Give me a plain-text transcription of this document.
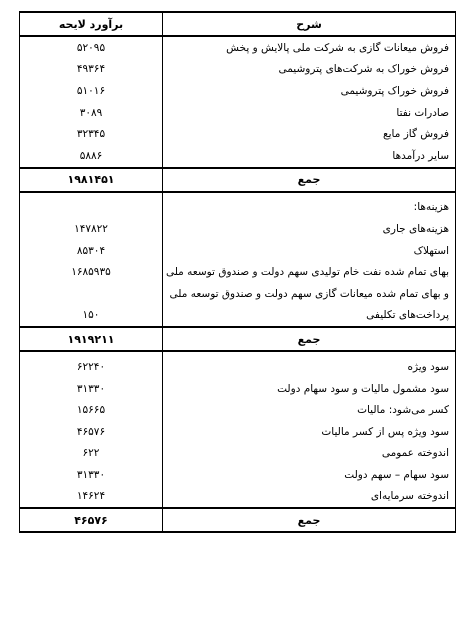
شرح	برآورد لایحه
فروش میعانات گازی به شرکت ملی پالایش و پخش	۵۲۰۹۵
فروش خوراک به شرکت‌های پتروشیمی	۴۹۳۶۴
فروش خوراک پتروشیمی	۵۱۰۱۶
صادرات نفتا	۳۰۸۹
فروش گاز مایع	۳۲۳۴۵
سایر درآمدها	۵۸۸۶
جمع	۱۹۸۱۴۵۱

هزینه‌ها:	
هزینه‌های جاری	۱۴۷۸۲۲
استهلاک	۸۵۳۰۴
بهای تمام شده نفت خام تولیدی سهم دولت و صندوق توسعه ملی	۱۶۸۵۹۳۵
و بهای تمام شده میعانات گازی سهم دولت و صندوق توسعه ملی	
پرداخت‌های تکلیفی	۱۵۰
جمع	۱۹۱۹۲۱۱

سود ویژه	۶۲۲۴۰
سود مشمول مالیات و سود سهام دولت	۳۱۳۳۰
کسر می‌شود: مالیات	۱۵۶۶۵
سود ویژه پس از کسر مالیات	۴۶۵۷۶
اندوخته عمومی	۶۲۲
سود سهام – سهم دولت	۳۱۳۳۰
اندوخته سرمایه‌ای	۱۴۶۲۴
جمع	۴۶۵۷۶
